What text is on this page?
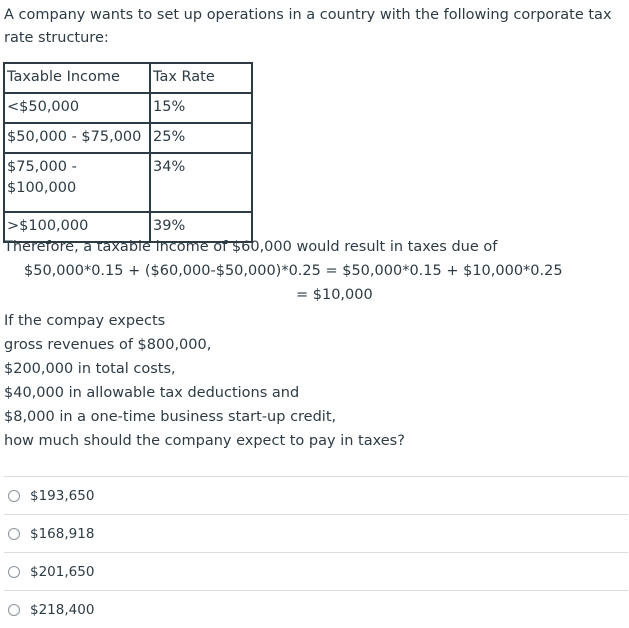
A company wants to set up operations in a country with the following corporate tax rate structure:
Taxable Income	Tax Rate
<$50,000	15%
$50,000 - $75,000	25%
$75,000 - $100,000	34%
>$100,000	39%
Therefore, a taxable income of $60,000 would result in taxes due of
$50,000*0.15 + ($60,000-$50,000)*0.25 = $50,000*0.15 + $10,000*0.25
= $10,000
If the compay expects
gross revenues of $800,000,
$200,000 in total costs,
$40,000 in allowable tax deductions and
$8,000 in a one-time business start-up credit,
how much should the company expect to pay in taxes?
$193,650
$168,918
$201,650
$218,400
